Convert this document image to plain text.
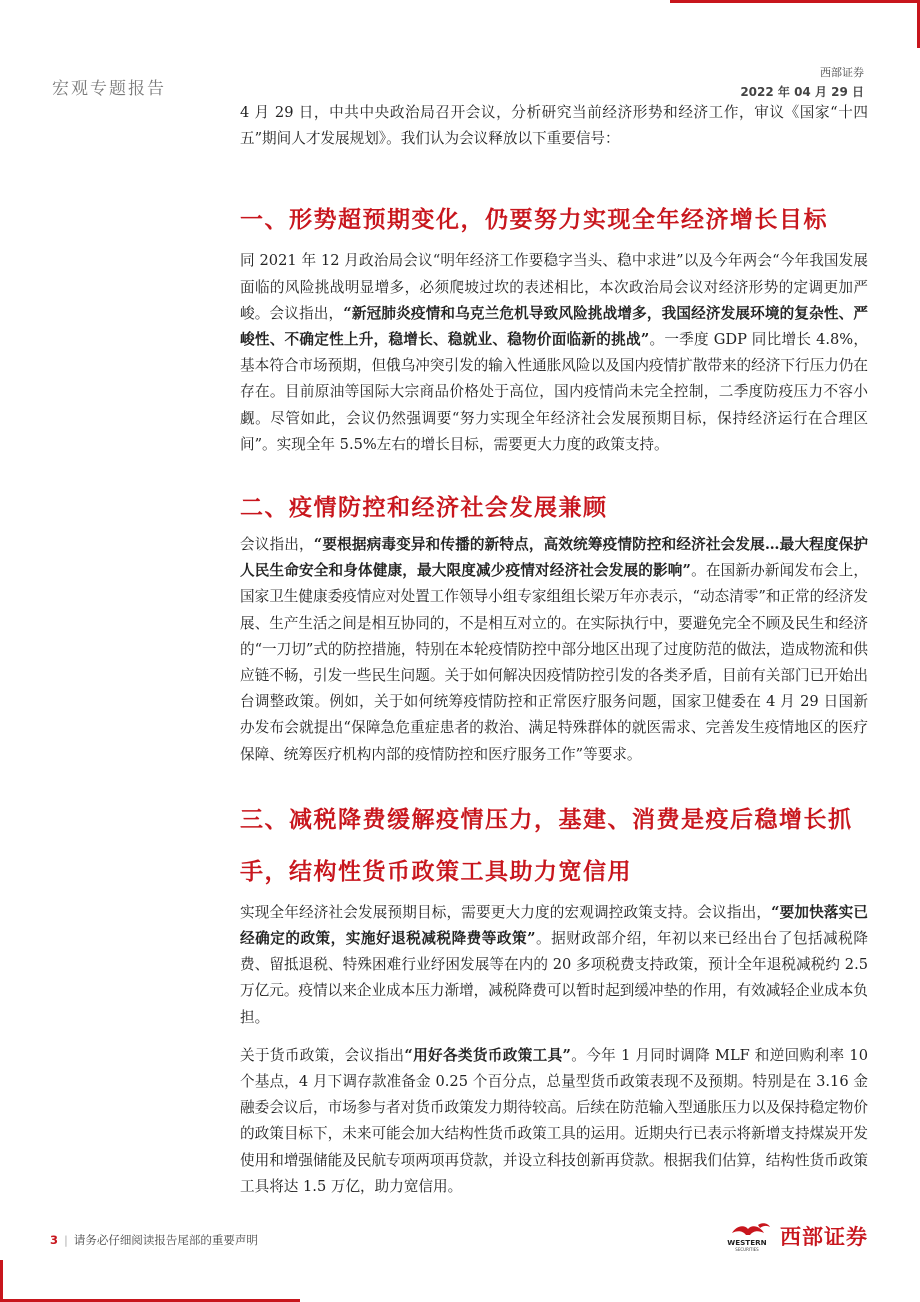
宏观专题报告
西部证券
2022 年 04 月 29 日

4 月 29 日，中共中央政治局召开会议，分析研究当前经济形势和经济工作，审议《国家“十四五”期间人才发展规划》。我们认为会议释放以下重要信号：

一、形势超预期变化，仍要努力实现全年经济增长目标

同 2021 年 12 月政治局会议“明年经济工作要稳字当头、稳中求进”以及今年两会“今年我国发展面临的风险挑战明显增多，必须爬坡过坎的表述相比，本次政治局会议对经济形势的定调更加严峻。会议指出，“新冠肺炎疫情和乌克兰危机导致风险挑战增多，我国经济发展环境的复杂性、严峻性、不确定性上升，稳增长、稳就业、稳物价面临新的挑战”。一季度 GDP 同比增长 4.8%，基本符合市场预期，但俄乌冲突引发的输入性通胀风险以及国内疫情扩散带来的经济下行压力仍在存在。目前原油等国际大宗商品价格处于高位，国内疫情尚未完全控制，二季度防疫压力不容小觑。尽管如此，会议仍然强调要“努力实现全年经济社会发展预期目标，保持经济运行在合理区间”。实现全年 5.5%左右的增长目标，需要更大力度的政策支持。

二、疫情防控和经济社会发展兼顾

会议指出，“要根据病毒变异和传播的新特点，高效统筹疫情防控和经济社会发展…最大程度保护人民生命安全和身体健康，最大限度减少疫情对经济社会发展的影响”。在国新办新闻发布会上，国家卫生健康委疫情应对处置工作领导小组专家组组长梁万年亦表示，“动态清零”和正常的经济发展、生产生活之间是相互协同的，不是相互对立的。在实际执行中，要避免完全不顾及民生和经济的“一刀切”式的防控措施，特别在本轮疫情防控中部分地区出现了过度防范的做法，造成物流和供应链不畅，引发一些民生问题。关于如何解决因疫情防控引发的各类矛盾，目前有关部门已开始出台调整政策。例如，关于如何统筹疫情防控和正常医疗服务问题，国家卫健委在 4 月 29 日国新办发布会就提出“保障急危重症患者的救治、满足特殊群体的就医需求、完善发生疫情地区的医疗保障、统筹医疗机构内部的疫情防控和医疗服务工作”等要求。

三、减税降费缓解疫情压力，基建、消费是疫后稳增长抓手，结构性货币政策工具助力宽信用

实现全年经济社会发展预期目标，需要更大力度的宏观调控政策支持。会议指出，“要加快落实已经确定的政策，实施好退税减税降费等政策”。据财政部介绍，年初以来已经出台了包括减税降费、留抵退税、特殊困难行业纾困发展等在内的 20 多项税费支持政策，预计全年退税减税约 2.5 万亿元。疫情以来企业成本压力渐增，减税降费可以暂时起到缓冲垫的作用，有效减轻企业成本负担。

关于货币政策，会议指出“用好各类货币政策工具”。今年 1 月同时调降 MLF 和逆回购利率 10 个基点，4 月下调存款准备金 0.25 个百分点，总量型货币政策表现不及预期。特别是在 3.16 金融委会议后，市场参与者对货币政策发力期待较高。后续在防范输入型通胀压力以及保持稳定物价的政策目标下，未来可能会加大结构性货币政策工具的运用。近期央行已表示将新增支持煤炭开发使用和增强储能及民航专项两项再贷款，并设立科技创新再贷款。根据我们估算，结构性货币政策工具将达 1.5 万亿，助力宽信用。

3 | 请务必仔细阅读报告尾部的重要声明	WESTERN
SECURITIES
西部证券
